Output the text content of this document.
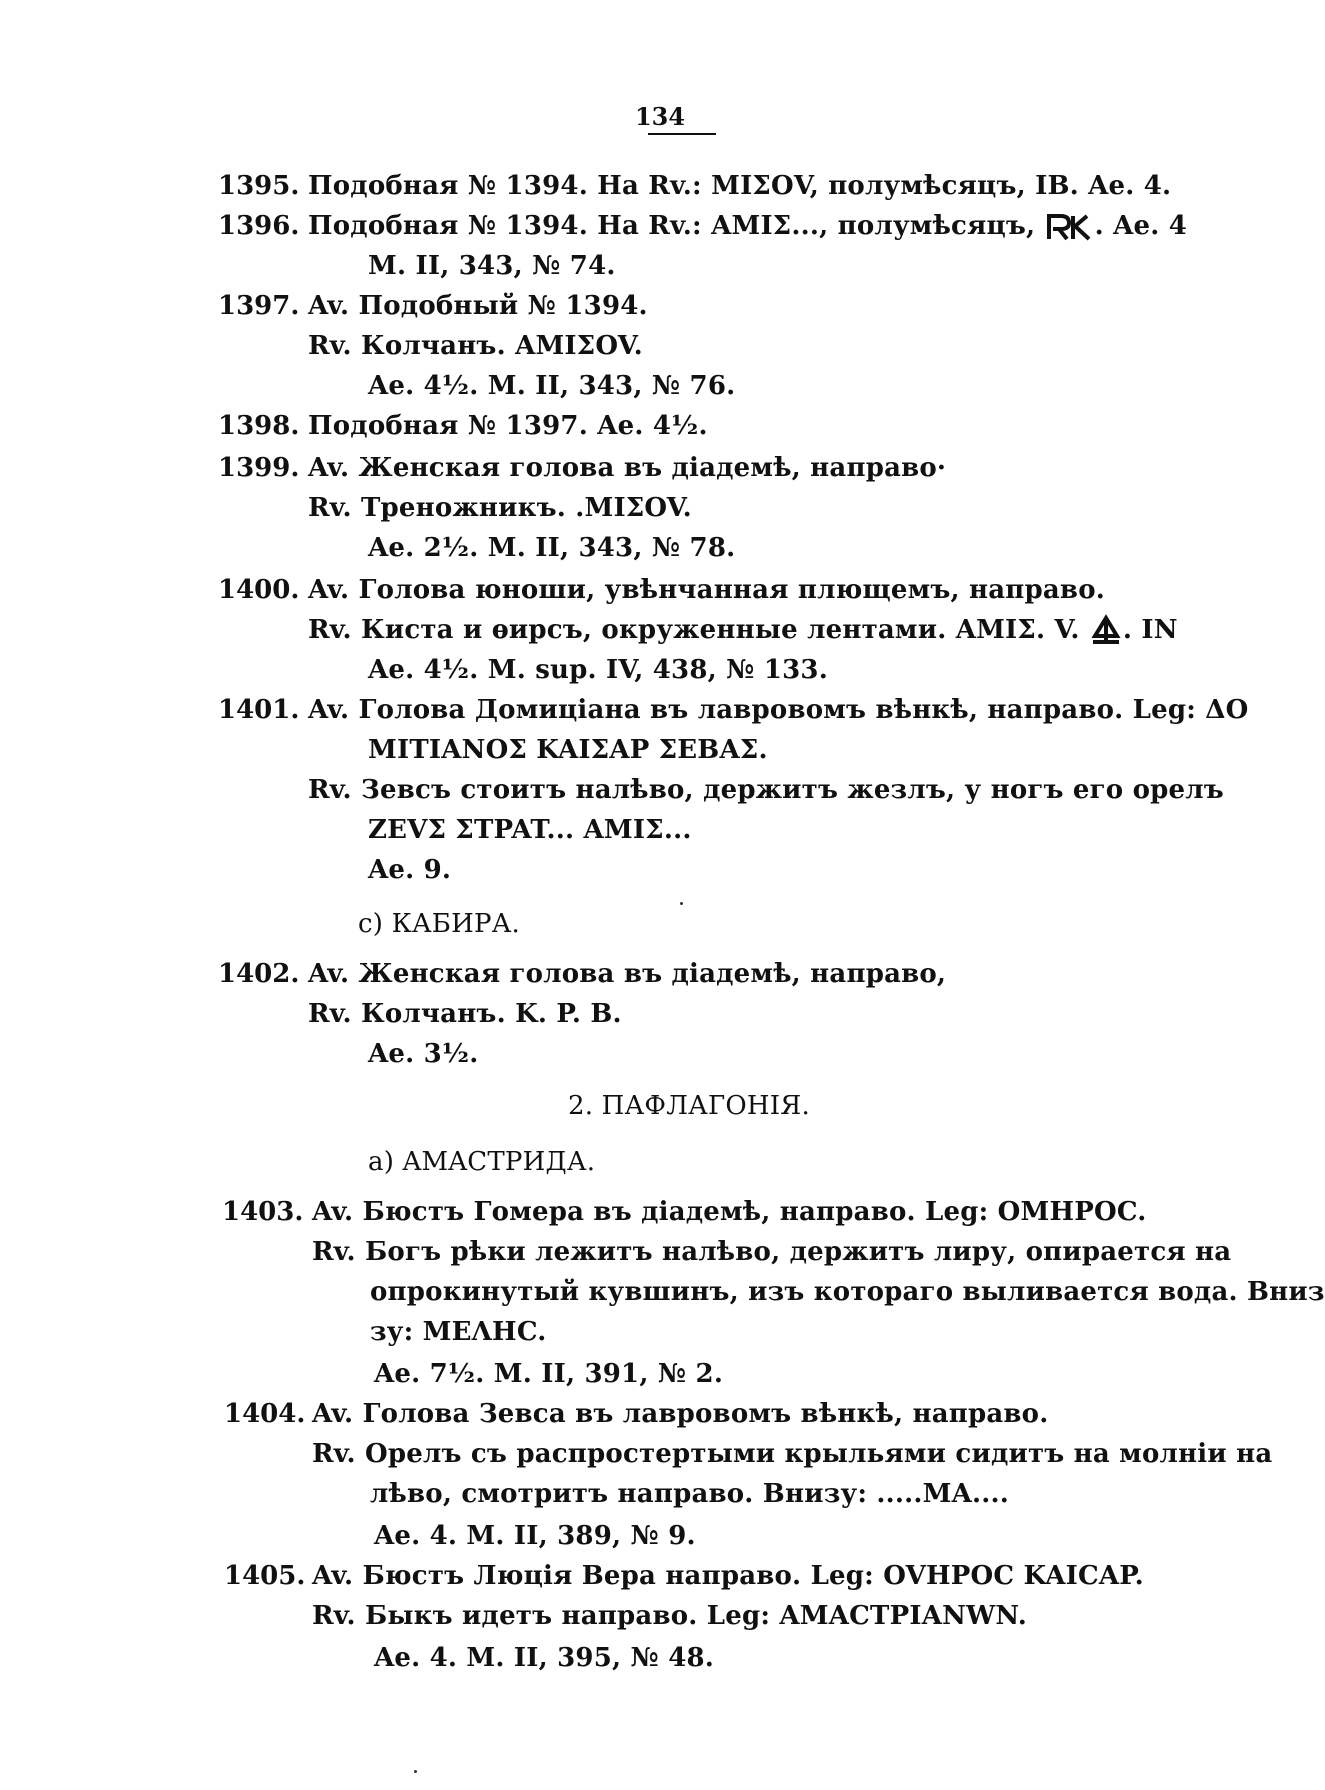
134
1395. Подобная № 1394. На Rv.: ΜΙΣΟV, полумѣсяцъ, IB. Ae. 4.
1396. Подобная № 1394. На Rv.: AMIΣ..., полумѣсяцъ, . Ae. 4
M. II, 343, № 74.
1397. Av. Подобный № 1394.
Rv. Колчанъ. AMIΣOV.
Ae. 4½. M. II, 343, № 76.
1398. Подобная № 1397. Ae. 4½.
1399. Av. Женская голова въ діадемѣ, направо·
Rv. Треножникъ. .MIΣOV.
Ae. 2½. M. II, 343, № 78.
1400. Av. Голова юноши, увѣнчанная плющемъ, направо.
Rv. Киста и ѳирсъ, окруженные лентами. AMIΣ. V. . IN
Ae. 4½. M. sup. IV, 438, № 133.
1401. Av. Голова Домиціана въ лавровомъ вѣнкѣ, направо. Leg: ΔO
MITIANOΣ KAIΣAP ΣEBAΣ.
Rv. Зевсъ стоитъ налѣво, держитъ жезлъ, у ногъ его орелъ
ZEVΣ ΣTPAT... AMIΣ...
Ae. 9.
c) КАБИРА.
1402. Av. Женская голова въ діадемѣ, направо,
Rv. Колчанъ. K. P. B.
Ae. 3½.
2. ПАФЛАГОНІЯ.
a) AMACTPИДА.
1403. Av. Бюстъ Гомера въ діадемѣ, направо. Leg: OMHPOC.
Rv. Богъ рѣки лежитъ налѣво, держитъ лиру, опирается на
опрокинутый кувшинъ, изъ котораго выливается вода. Вниз
зу: MEΛHC.
Ae. 7½. M. II, 391, № 2.
1404. Av. Голова Зевса въ лавровомъ вѣнкѣ, направо.
Rv. Орелъ съ распростертыми крыльями сидитъ на молніи на
лѣво, смотритъ направо. Внизу: .....MA....
Ae. 4. M. II, 389, № 9.
1405. Av. Бюстъ Люція Вера направо. Leg: OVHPOC KAICAP.
Rv. Быкъ идетъ направо. Leg: AMACTPIANWN.
Ae. 4. M. II, 395, № 48.
